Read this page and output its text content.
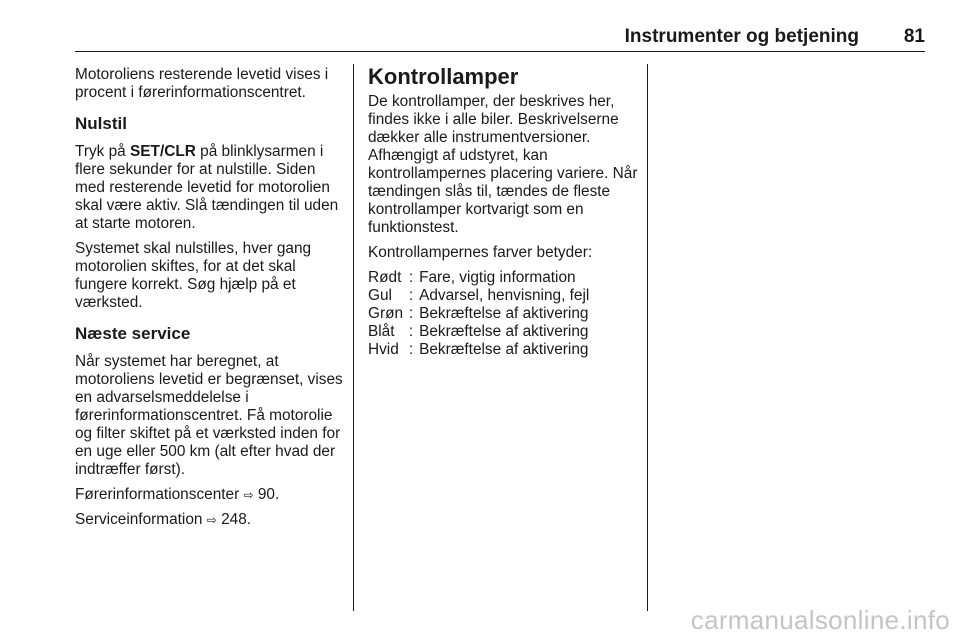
Instrumenter og betjening 81

Motoroliens resterende levetid vises i procent i førerinformationscentret.

Nulstil

Tryk på SET/CLR på blinklysarmen i flere sekunder for at nulstille. Siden med resterende levetid for motorolien skal være aktiv. Slå tændingen til uden at starte motoren.

Systemet skal nulstilles, hver gang motorolien skiftes, for at det skal fungere korrekt. Søg hjælp på et værksted.

Næste service

Når systemet har beregnet, at motoroliens levetid er begrænset, vises en advarselsmeddelelse i førerinformationscentret. Få motorolie og filter skiftet på et værksted inden for en uge eller 500 km (alt efter hvad der indtræffer først).

Førerinformationscenter ⇨ 90.

Serviceinformation ⇨ 248.

Kontrollamper

De kontrollamper, der beskrives her, findes ikke i alle biler. Beskrivelserne dækker alle instrumentversioner. Afhængigt af udstyret, kan kontrollampernes placering variere. Når tændingen slås til, tændes de fleste kontrollamper kortvarigt som en funktionstest.

Kontrollampernes farver betyder:

Rødt	:	Fare, vigtig information
Gul	:	Advarsel, henvisning, fejl
Grøn	:	Bekræftelse af aktivering
Blåt	:	Bekræftelse af aktivering
Hvid	:	Bekræftelse af aktivering
carmanualsonline.info
